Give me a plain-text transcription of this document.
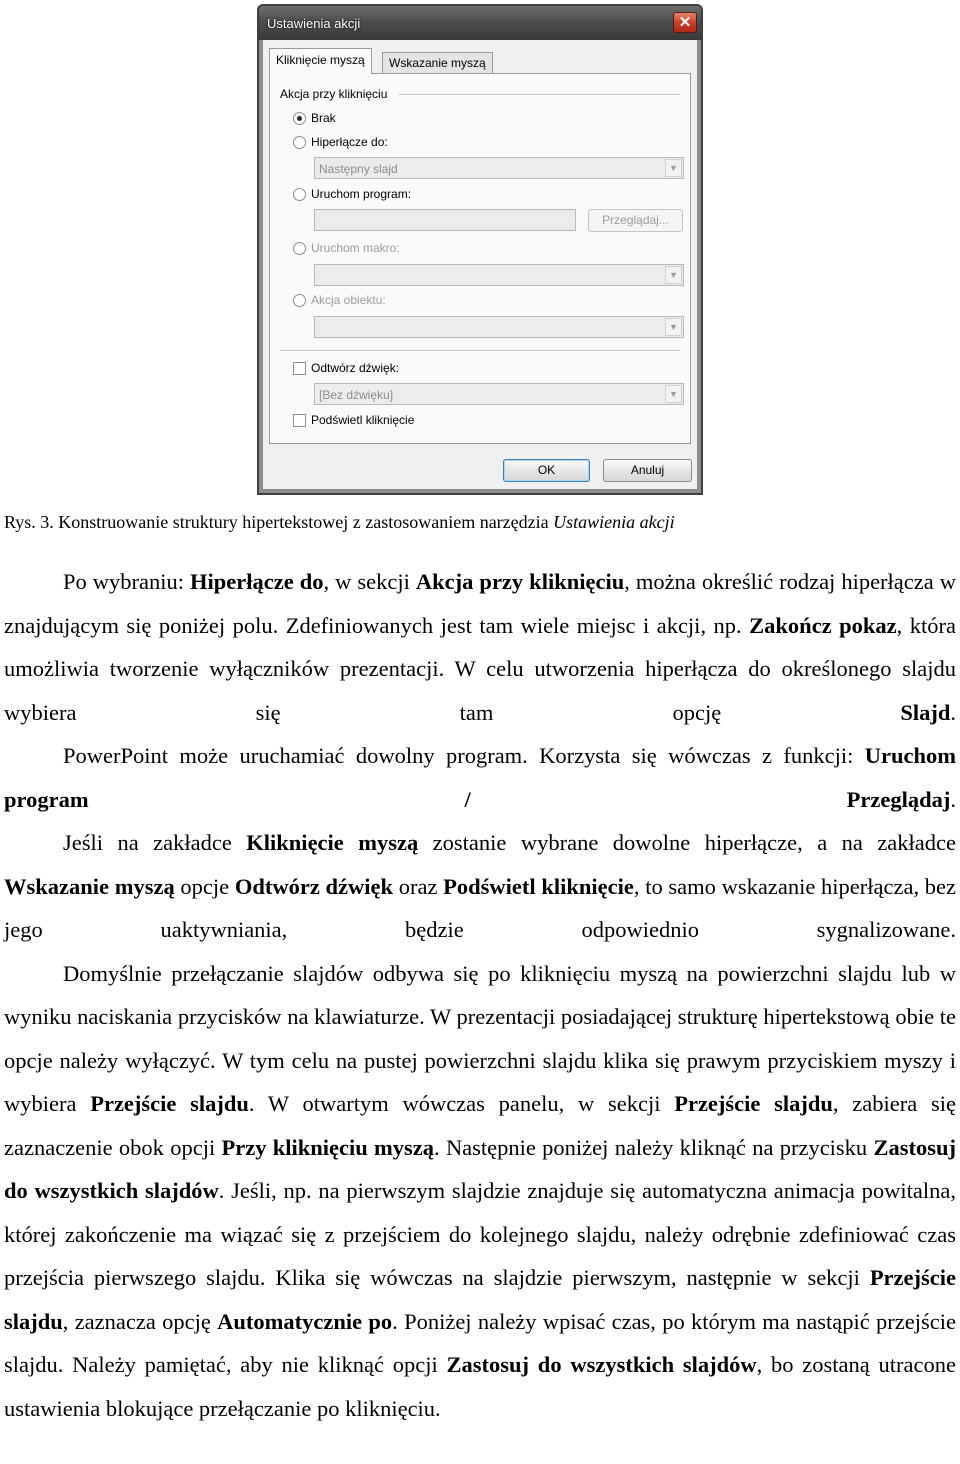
Ustawienia akcji	✕
Kliknięcie myszą	Wskazanie myszą
Akcja przy kliknięciu
Brak
Hiperłącze do:
Następny slajd	▼
Uruchom program:
Przeglądaj...
Uruchom makro:
▼
Akcja obiektu:
▼
Odtwórz dźwięk:
[Bez dźwięku]	▼
Podświetl kliknięcie
OK	Anuluj
Rys. 3. Konstruowanie struktury hipertekstowej z zastosowaniem narzędzia Ustawienia akcji

Po wybraniu: Hiperłącze do, w sekcji Akcja przy kliknięciu, można określić rodzaj hiperłącza w znajdującym się poniżej polu. Zdefiniowanych jest tam wiele miejsc i akcji, np. Zakończ pokaz, która umożliwia tworzenie wyłączników prezentacji. W celu utworzenia hiperłącza do określonego slajdu wybiera się tam opcję Slajd.

PowerPoint może uruchamiać dowolny program. Korzysta się wówczas z funkcji: Uruchom program / Przeglądaj.

Jeśli na zakładce Kliknięcie myszą zostanie wybrane dowolne hiperłącze, a na zakładce Wskazanie myszą opcje Odtwórz dźwięk oraz Podświetl kliknięcie, to samo wskazanie hiperłącza, bez jego uaktywniania, będzie odpowiednio sygnalizowane.

Domyślnie przełączanie slajdów odbywa się po kliknięciu myszą na powierzchni slajdu lub w wyniku naciskania przycisków na klawiaturze. W prezentacji posiadającej strukturę hipertekstową obie te opcje należy wyłączyć. W tym celu na pustej powierzchni slajdu klika się prawym przyciskiem myszy i wybiera Przejście slajdu. W otwartym wówczas panelu, w sekcji Przejście slajdu, zabiera się zaznaczenie obok opcji Przy kliknięciu myszą. Następnie poniżej należy kliknąć na przycisku Zastosuj do wszystkich slajdów. Jeśli, np. na pierwszym slajdzie znajduje się automatyczna animacja powitalna, której zakończenie ma wiązać się z przejściem do kolejnego slajdu, należy odrębnie zdefiniować czas przejścia pierwszego slajdu. Klika się wówczas na slajdzie pierwszym, następnie w sekcji Przejście slajdu, zaznacza opcję Automatycznie po. Poniżej należy wpisać czas, po którym ma nastąpić przejście slajdu. Należy pamiętać, aby nie kliknąć opcji Zastosuj do wszystkich slajdów, bo zostaną utracone ustawienia blokujące przełączanie po kliknięciu.
